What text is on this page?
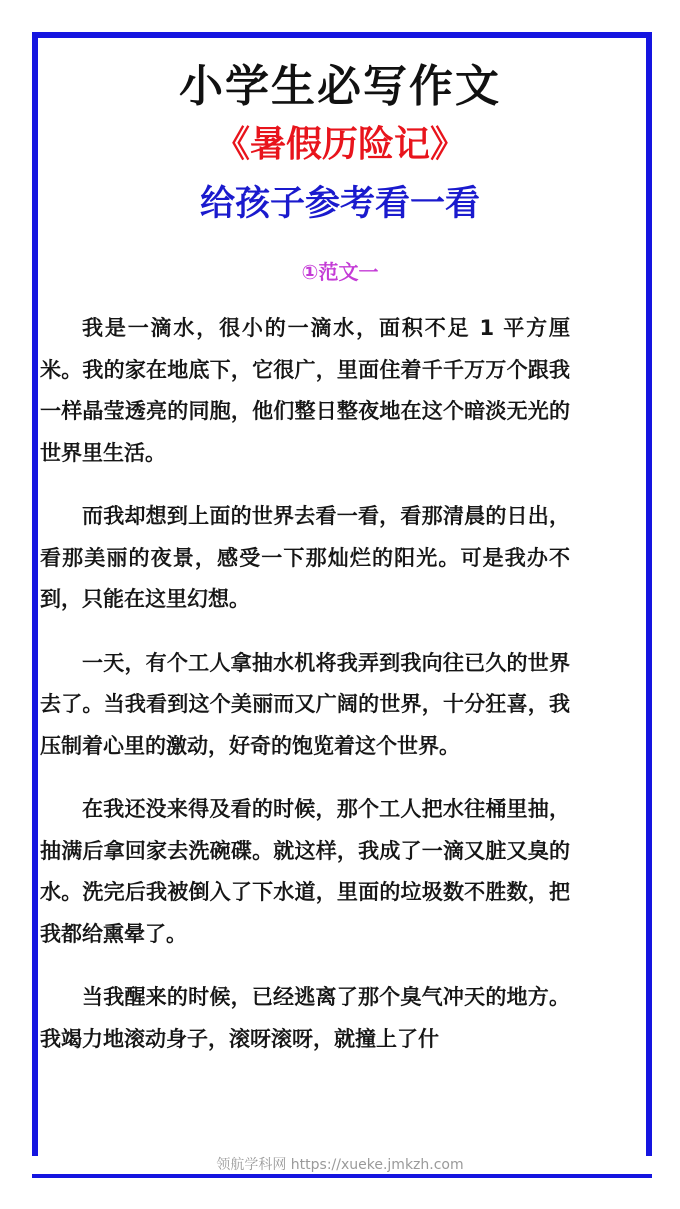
小学生必写作文
《暑假历险记》
给孩子参考看一看
①范文一

我是一滴水，很小的一滴水，面积不足 1 平方厘米。我的家在地底下，它很广，里面住着千千万万个跟我一样晶莹透亮的同胞，他们整日整夜地在这个暗淡无光的世界里生活。

而我却想到上面的世界去看一看，看那清晨的日出，看那美丽的夜景，感受一下那灿烂的阳光。可是我办不到，只能在这里幻想。

一天，有个工人拿抽水机将我弄到我向往已久的世界去了。当我看到这个美丽而又广阔的世界，十分狂喜，我压制着心里的激动，好奇的饱览着这个世界。

在我还没来得及看的时候，那个工人把水往桶里抽，抽满后拿回家去洗碗碟。就这样，我成了一滴又脏又臭的水。洗完后我被倒入了下水道，里面的垃圾数不胜数，把我都给熏晕了。

当我醒来的时候，已经逃离了那个臭气冲天的地方。我竭力地滚动身子，滚呀滚呀，就撞上了什

领航学科网 https://xueke.jmkzh.com
